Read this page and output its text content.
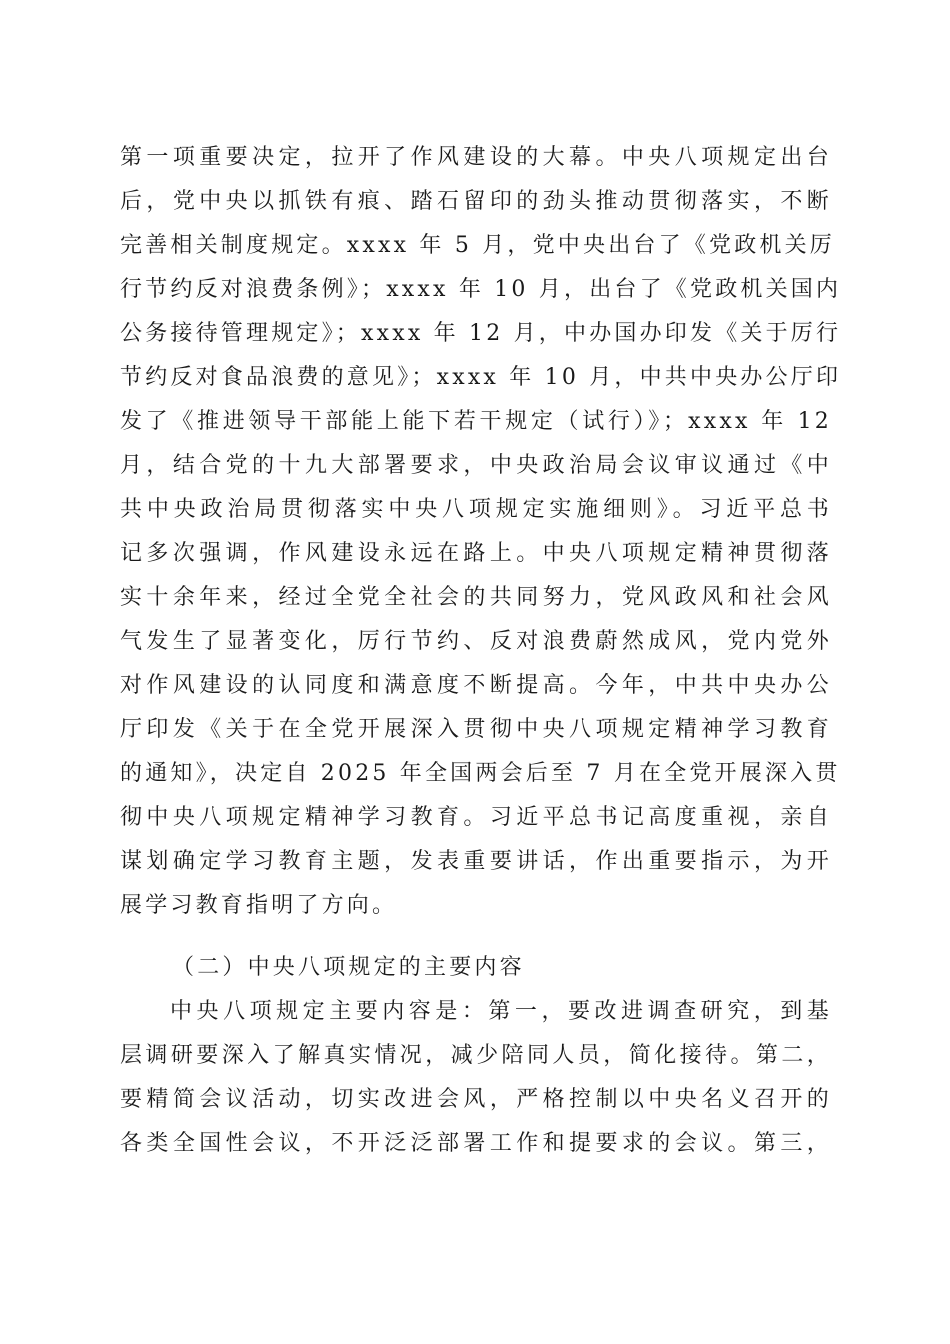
第一项重要决定，拉开了作风建设的大幕。中央八项规定出台
后，党中央以抓铁有痕、踏石留印的劲头推动贯彻落实，不断
完善相关制度规定。xxxx 年 5 月，党中央出台了《党政机关厉
行节约反对浪费条例》；xxxx 年 10 月，出台了《党政机关国内
公务接待管理规定》；xxxx 年 12 月，中办国办印发《关于厉行
节约反对食品浪费的意见》；xxxx 年 10 月，中共中央办公厅印
发了《推进领导干部能上能下若干规定（试行）》；xxxx 年 12
月，结合党的十九大部署要求，中央政治局会议审议通过《中
共中央政治局贯彻落实中央八项规定实施细则》。习近平总书
记多次强调，作风建设永远在路上。中央八项规定精神贯彻落
实十余年来，经过全党全社会的共同努力，党风政风和社会风
气发生了显著变化，厉行节约、反对浪费蔚然成风，党内党外
对作风建设的认同度和满意度不断提高。今年，中共中央办公
厅印发《关于在全党开展深入贯彻中央八项规定精神学习教育
的通知》，决定自 2025 年全国两会后至 7 月在全党开展深入贯
彻中央八项规定精神学习教育。习近平总书记高度重视，亲自
谋划确定学习教育主题，发表重要讲话，作出重要指示，为开
展学习教育指明了方向。
（二）中央八项规定的主要内容
中央八项规定主要内容是：第一，要改进调查研究，到基
层调研要深入了解真实情况，减少陪同人员，简化接待。第二，
要精简会议活动，切实改进会风，严格控制以中央名义召开的
各类全国性会议，不开泛泛部署工作和提要求的会议。第三，
